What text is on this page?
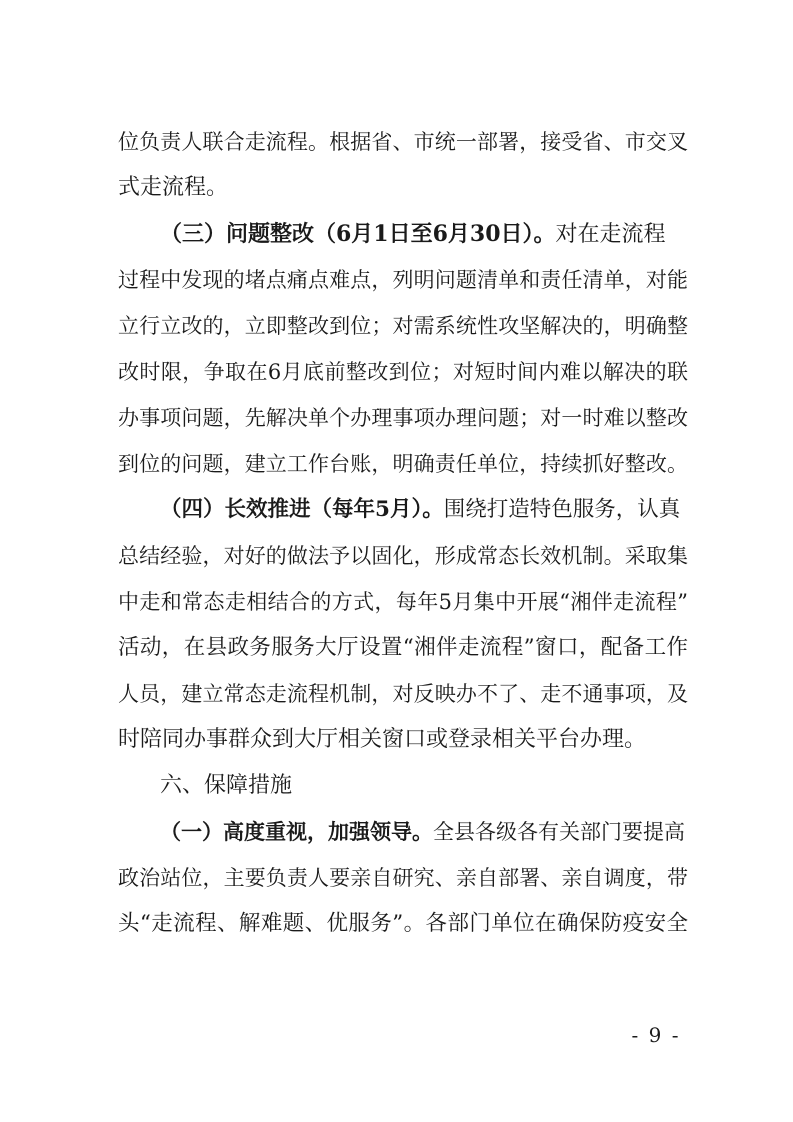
位负责人联合走流程。根据省、市统一部署，接受省、市交叉
式走流程。
（三）问题整改（6月1日至6月30日）。对在走流程
过程中发现的堵点痛点难点，列明问题清单和责任清单，对能
立行立改的，立即整改到位；对需系统性攻坚解决的，明确整
改时限，争取在6月底前整改到位；对短时间内难以解决的联
办事项问题，先解决单个办理事项办理问题；对一时难以整改
到位的问题，建立工作台账，明确责任单位，持续抓好整改。
（四）长效推进（每年5月）。围绕打造特色服务，认真
总结经验，对好的做法予以固化，形成常态长效机制。采取集
中走和常态走相结合的方式，每年5月集中开展“湘伴走流程”
活动，在县政务服务大厅设置“湘伴走流程”窗口，配备工作
人员，建立常态走流程机制，对反映办不了、走不通事项，及
时陪同办事群众到大厅相关窗口或登录相关平台办理。
六、保障措施
（一）高度重视，加强领导。全县各级各有关部门要提高
政治站位，主要负责人要亲自研究、亲自部署、亲自调度，带
头“走流程、解难题、优服务”。各部门单位在确保防疫安全
- 9 -
